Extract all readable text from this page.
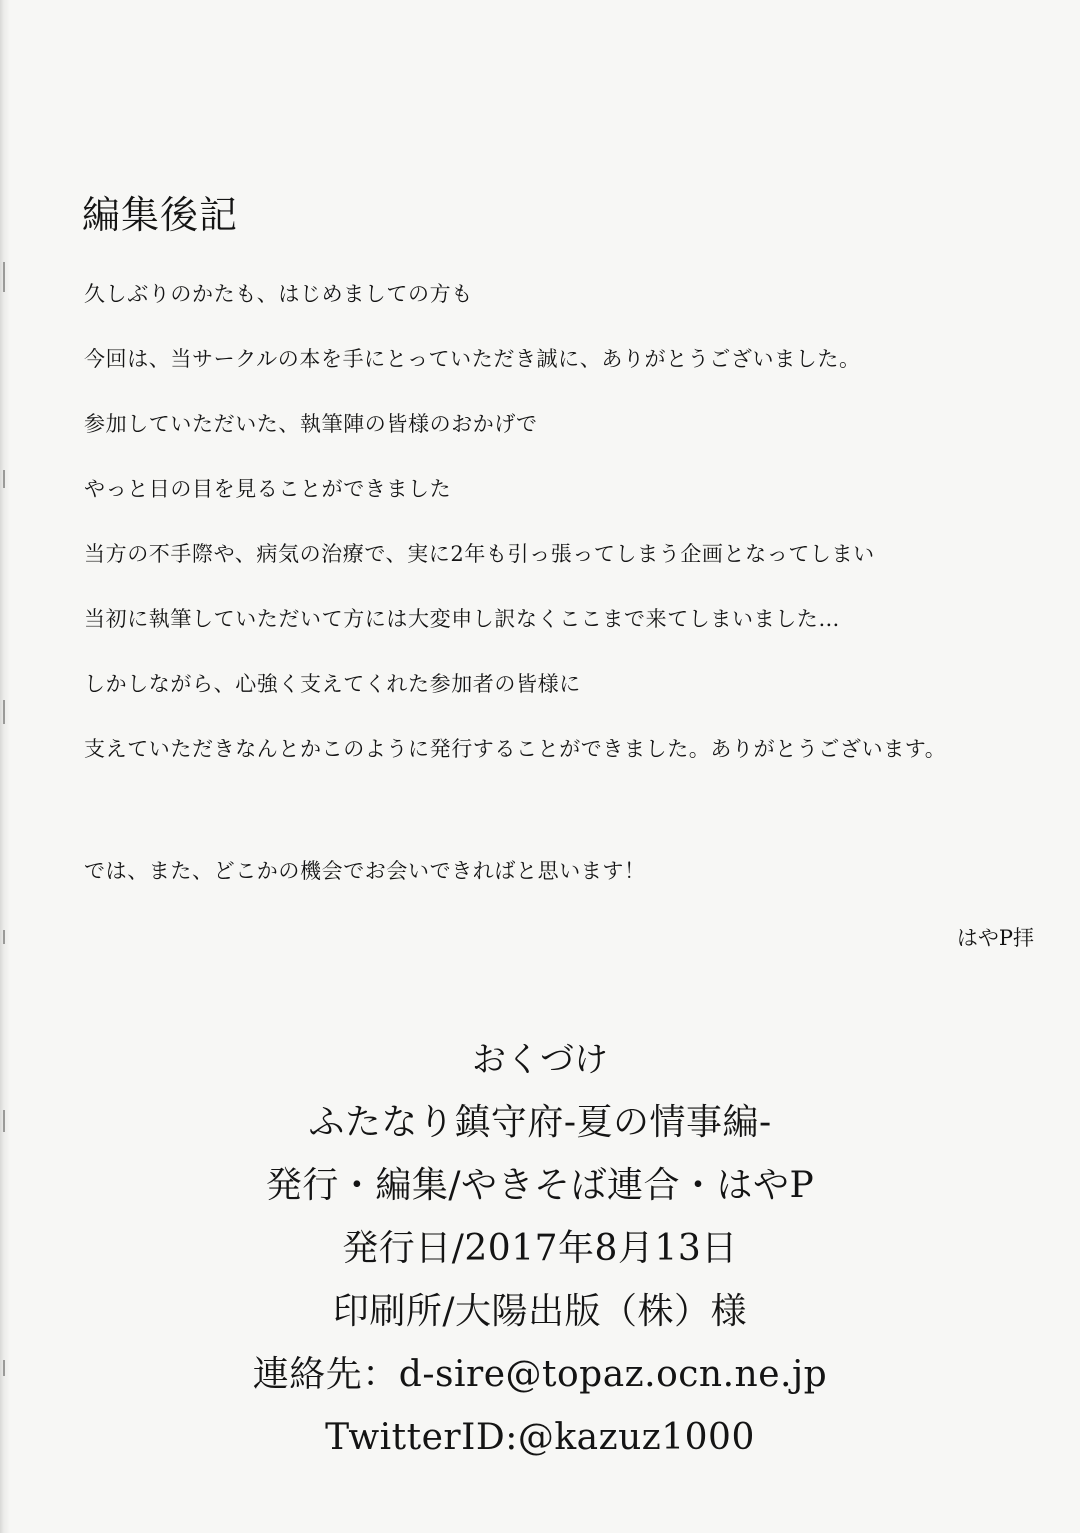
編集後記
久しぶりのかたも、はじめましての方も
今回は、当サークルの本を手にとっていただき誠に、ありがとうございました。
参加していただいた、執筆陣の皆様のおかげで
やっと日の目を見ることができました
当方の不手際や、病気の治療で、実に2年も引っ張ってしまう企画となってしまい
当初に執筆していただいて方には大変申し訳なくここまで来てしまいました…
しかしながら、心強く支えてくれた参加者の皆様に
支えていただきなんとかこのように発行することができました。ありがとうございます。
では、また、どこかの機会でお会いできればと思います！
はやP拝
おくづけ
ふたなり鎮守府-夏の情事編-
発行・編集/やきそば連合・はやP
発行日/2017年8月13日
印刷所/大陽出版（株）様
連絡先：d-sire@topaz.ocn.ne.jp
TwitterID:@kazuz1000
